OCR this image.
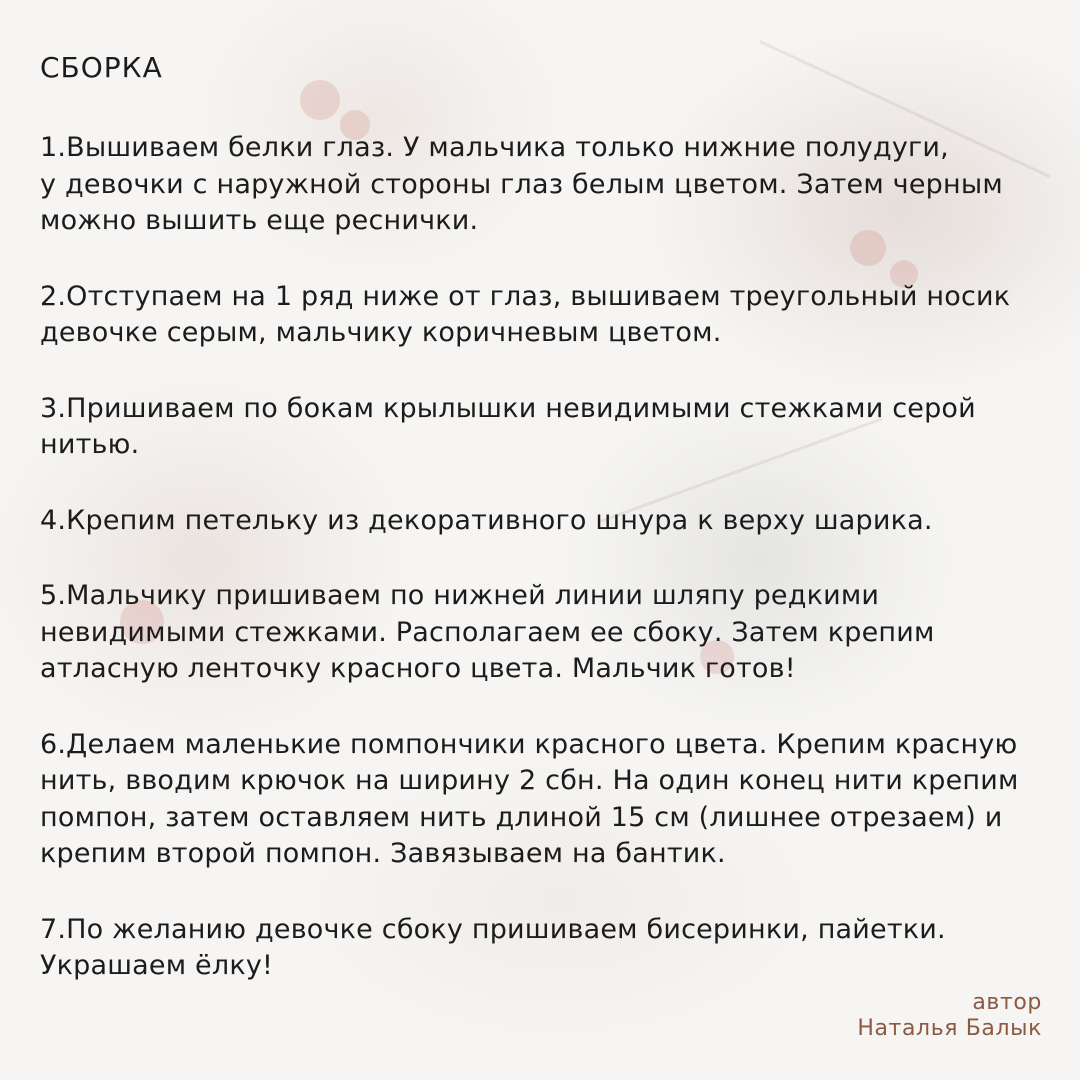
СБОРКА

1.Вышиваем белки глаз. У мальчика только нижние полудуги,
у девочки с наружной стороны глаз белым цветом. Затем черным
можно вышить еще реснички.

2.Отступаем на 1 ряд ниже от глаз, вышиваем треугольный носик
девочке серым, мальчику коричневым цветом.

3.Пришиваем по бокам крылышки невидимыми стежками серой
нитью.

4.Крепим петельку из декоративного шнура к верху шарика.

5.Мальчику пришиваем по нижней линии шляпу редкими
невидимыми стежками. Располагаем ее сбоку. Затем крепим
атласную ленточку красного цвета. Мальчик готов!

6.Делаем маленькие помпончики красного цвета. Крепим красную
нить, вводим крючок на ширину 2 сбн. На один конец нити крепим
помпон, затем оставляем нить длиной 15 см (лишнее отрезаем) и
крепим второй помпон. Завязываем на бантик.

7.По желанию девочке сбоку пришиваем бисеринки, пайетки.
Украшаем ёлку!

автор
Наталья Балык
